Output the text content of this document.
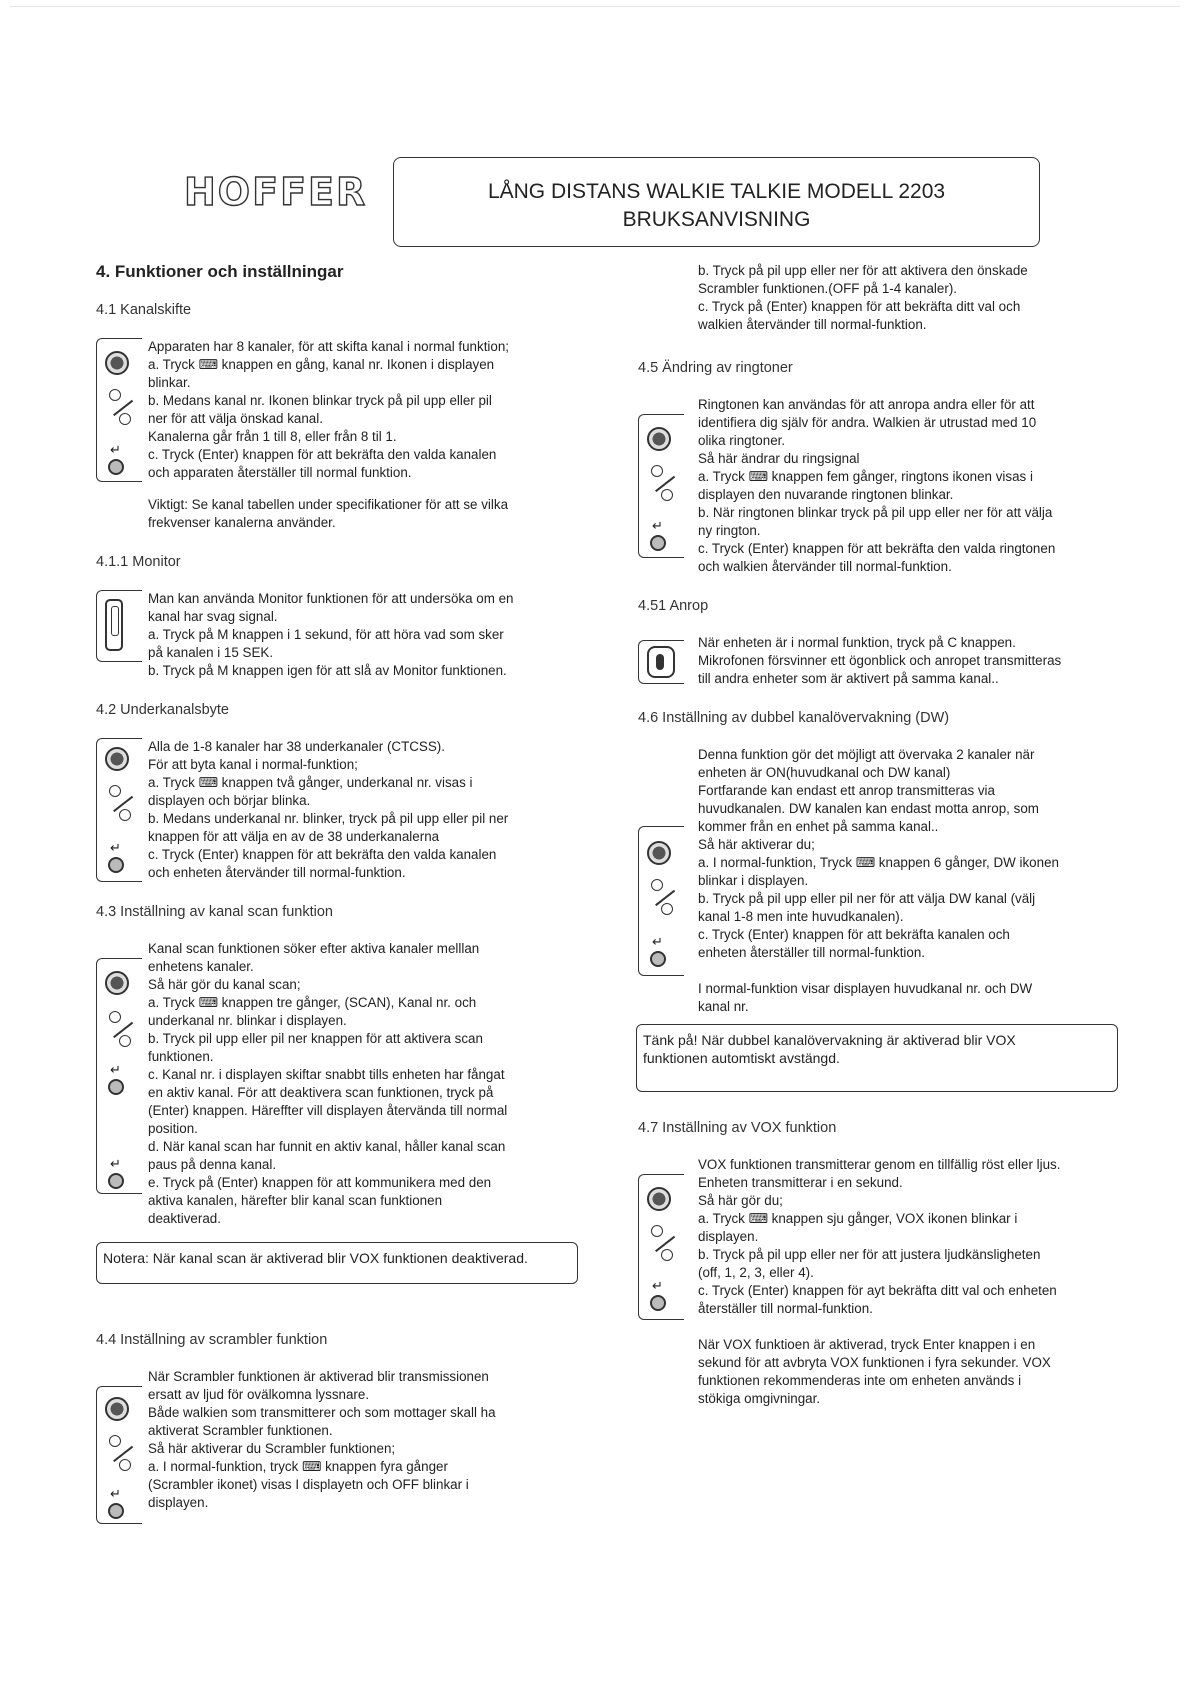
HOFFER	LÅNG DISTANS WALKIE TALKIE MODELL 2203
BRUKSANVISNING
4. Funktioner och inställningar
4.1 Kanalskifte
↵
Apparaten har 8 kanaler, för att skifta kanal i normal funktion;
a. Tryck ⌨ knappen en gång, kanal nr. Ikonen i displayen
blinkar.
b. Medans kanal nr. Ikonen blinkar tryck på pil upp eller pil
ner för att välja önskad kanal.
Kanalerna går från 1 till 8, eller från 8 til 1.
c. Tryck (Enter) knappen för att bekräfta den valda kanalen
och apparaten återställer till normal funktion.
Viktigt: Se kanal tabellen under specifikationer för att se vilka
frekvenser kanalerna använder.
4.1.1 Monitor
Man kan använda Monitor funktionen för att undersöka om en
kanal har svag signal.
a. Tryck på M knappen i 1 sekund, för att höra vad som sker
på kanalen i 15 SEK.
b. Tryck på M knappen igen för att slå av Monitor funktionen.
4.2 Underkanalsbyte
↵
Alla de 1-8 kanaler har 38 underkanaler (CTCSS).
För att byta kanal i normal-funktion;
a. Tryck ⌨ knappen två gånger, underkanal nr. visas i
displayen och börjar blinka.
b. Medans underkanal nr. blinker, tryck på pil upp eller pil ner
knappen för att välja en av de 38 underkanalerna
c. Tryck (Enter) knappen för att bekräfta den valda kanalen
och enheten återvänder till normal-funktion.
4.3 Inställning av kanal scan funktion
↵
↵
Kanal scan funktionen söker efter aktiva kanaler melllan
enhetens kanaler.
Så här gör du kanal scan;
a. Tryck ⌨ knappen tre gånger, (SCAN), Kanal nr. och
underkanal nr. blinkar i displayen.
b. Tryck pil upp eller pil ner knappen för att aktivera scan
funktionen.
c. Kanal nr. i displayen skiftar snabbt tills enheten har fångat
en aktiv kanal. För att deaktivera scan funktionen, tryck på
(Enter) knappen. Häreffter vill displayen återvända till normal
position.
d. När kanal scan har funnit en aktiv kanal, håller kanal scan
paus på denna kanal.
e. Tryck på (Enter) knappen för att kommunikera med den
aktiva kanalen, härefter blir kanal scan funktionen
deaktiverad.
Notera: När kanal scan är aktiverad blir VOX funktionen deaktiverad.
4.4 Inställning av scrambler funktion
↵
När Scrambler funktionen är aktiverad blir transmissionen
ersatt av ljud för ovälkomna lyssnare.
Både walkien som transmitterer och som mottager skall ha
aktiverat Scrambler funktionen.
Så här aktiverar du Scrambler funktionen;
a. I normal-funktion, tryck ⌨ knappen fyra gånger
(Scrambler ikonet) visas I displayetn och OFF blinkar i
displayen.
b. Tryck på pil upp eller ner för att aktivera den önskade
Scrambler funktionen.(OFF på 1-4 kanaler).
c. Tryck på (Enter) knappen för att bekräfta ditt val och
walkien återvänder till normal-funktion.
4.5 Ändring av ringtoner
↵
Ringtonen kan användas för att anropa andra eller för att
identifiera dig själv för andra. Walkien är utrustad med 10
olika ringtoner.
Så här ändrar du ringsignal
a. Tryck ⌨ knappen fem gånger, ringtons ikonen visas i
displayen den nuvarande ringtonen blinkar.
b. När ringtonen blinkar tryck på pil upp eller ner för att välja
ny rington.
c. Tryck (Enter) knappen för att bekräfta den valda ringtonen
och walkien återvänder till normal-funktion.
4.51 Anrop
När enheten är i normal funktion, tryck på C knappen.
Mikrofonen försvinner ett ögonblick och anropet transmitteras
till andra enheter som är aktivert på samma kanal..
4.6 Inställning av dubbel kanalövervakning (DW)
↵
Denna funktion gör det möjligt att övervaka 2 kanaler när
enheten är ON(huvudkanal och DW kanal)
Fortfarande kan endast ett anrop transmitteras via
huvudkanalen. DW kanalen kan endast motta anrop, som
kommer från en enhet på samma kanal..
Så här aktiverar du;
a. I normal-funktion, Tryck ⌨ knappen 6 gånger, DW ikonen
blinkar i displayen.
b. Tryck på pil upp eller pil ner för att välja DW kanal (välj
kanal 1-8 men inte huvudkanalen).
c. Tryck (Enter) knappen för att bekräfta kanalen och
enheten återställer till normal-funktion.
I normal-funktion visar displayen huvudkanal nr. och DW
kanal nr.
Tänk på! När dubbel kanalövervakning är aktiverad blir VOX
funktionen automtiskt avstängd.
4.7 Inställning av VOX funktion
↵
VOX funktionen transmitterar genom en tillfällig röst eller ljus.
Enheten transmitterar i en sekund.
Så här gör du;
a. Tryck ⌨ knappen sju gånger, VOX ikonen blinkar i
displayen.
b. Tryck på pil upp eller ner för att justera ljudkänsligheten
(off, 1, 2, 3, eller 4).
c. Tryck (Enter) knappen för ayt bekräfta ditt val och enheten
återställer till normal-funktion.
När VOX funktioen är aktiverad, tryck Enter knappen i en
sekund för att avbryta VOX funktionen i fyra sekunder. VOX
funktionen rekommenderas inte om enheten används i
stökiga omgivningar.
